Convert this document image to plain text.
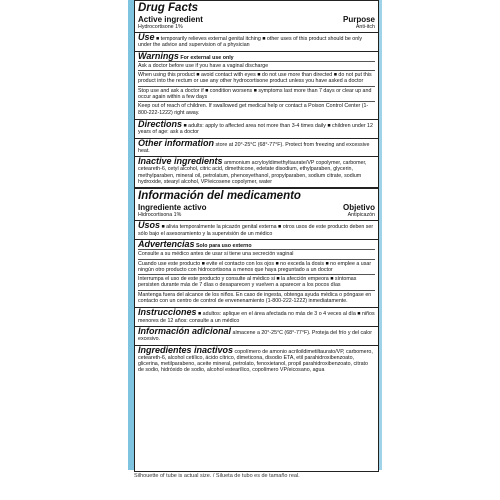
Drug Facts
Active ingredient	Purpose
Hydrocortisone 1%	Anti-itch
Use ■ temporarily relieves external genital itching ■ other uses of this product should be only under the advice and supervision of a physician
Warnings For external use only
Ask a doctor before use if you have a vaginal discharge
When using this product ■ avoid contact with eyes ■ do not use more than directed ■ do not put this product into the rectum or use any other hydrocortisone product unless you have asked a doctor
Stop use and ask a doctor if ■ condition worsens ■ symptoms last more than 7 days or clear up and occur again within a few days
Keep out of reach of children. If swallowed get medical help or contact a Poison Control Center (1-800-222-1222) right away.
Directions ■ adults: apply to affected area not more than 3-4 times daily ■ children under 12 years of age: ask a doctor
Other information store at 20°-25°C (68°-77°F). Protect from freezing and excessive heat.
Inactive ingredients ammonium acryloyldimethyltaurate/VP copolymer, carbomer, ceteareth-6, cetyl alcohol, citric acid, dimethicone, edetate disodium, ethylparaben, glycerin, methylparaben, mineral oil, petrolatum, phenoxyethanol, propylparaben, sodium citrate, sodium hydroxide, stearyl alcohol, VP/eicosene copolymer, water
Información del medicamento
Ingrediente activo	Objetivo
Hidrocortisona 1%	Antipicazón
Usos ■ alivia temporalmente la picazón genital externa ■ otros usos de este producto deben ser sólo bajo el asesoramiento y la supervisión de un médico
Advertencias Solo para uso externo
Consulte a su médico antes de usar si tiene una secreción vaginal
Cuando use este producto ■ evite el contacto con los ojos ■ no exceda la dosis ■ no emplee a usar ningún otro producto con hidrocortisona a menos que haya preguntado a un doctor
Interrumpa el uso de este producto y consulte al médico si ■ la afección empeora ■ síntomas persisten durante más de 7 días o desaparecen y vuelven a aparecer a los pocos días
Mantenga fuera del alcance de los niños. En caso de ingesta, obtenga ayuda médica o póngase en contacto con un centro de control de envenenamiento (1-800-222-1222) inmediatamente.
Instrucciones ■ adultos: aplique en el área afectada no más de 3 o 4 veces al día ■ niños menores de 12 años: consulte a un médico
Información adicional almacene a 20°-25°C (68°-77°F). Proteja del frío y del calor excesivo.
Ingredientes inactivos copolímero de amonio acriloildimetiltaurato/VP, carbomero, ceteareth-6, alcohol cetílico, ácido cítrico, dimeticona, disodio ETA, etil parahidroxibenzoato, glicerina, metilparabeno, aceite mineral, petrolato, fenoxietanol, propil parahidroxibenzoato, citrato de sodio, hidróxido de sodio, alcohol estearílico, copolímero VP/eicosano, agua
Silhouette of tube is actual size. / Silueta de tubo es de tamaño real.
